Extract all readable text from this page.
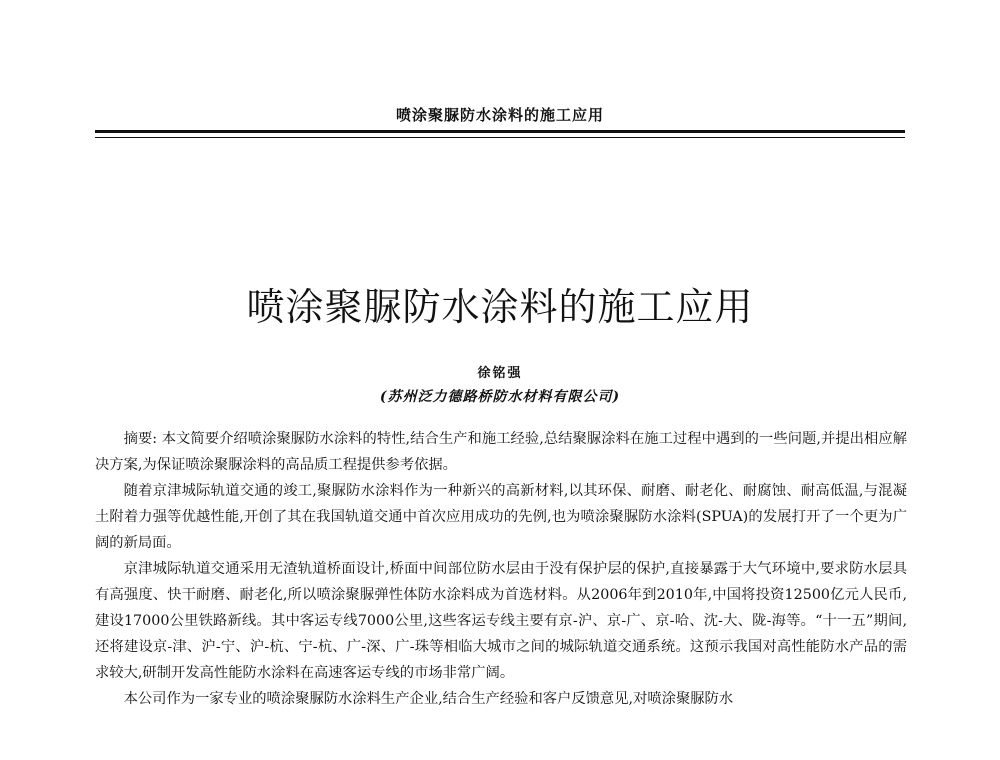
喷涂聚脲防水涂料的施工应用
喷涂聚脲防水涂料的施工应用
徐铭强
(苏州泛力德路桥防水材料有限公司)

摘要: 本文简要介绍喷涂聚脲防水涂料的特性,结合生产和施工经验,总结聚脲涂料在施工过程中遇到的一些问题,并提出相应解决方案,为保证喷涂聚脲涂料的高品质工程提供参考依据。

随着京津城际轨道交通的竣工,聚脲防水涂料作为一种新兴的高新材料,以其环保、耐磨、耐老化、耐腐蚀、耐高低温,与混凝土附着力强等优越性能,开创了其在我国轨道交通中首次应用成功的先例,也为喷涂聚脲防水涂料(SPUA)的发展打开了一个更为广阔的新局面。

京津城际轨道交通采用无渣轨道桥面设计,桥面中间部位防水层由于没有保护层的保护,直接暴露于大气环境中,要求防水层具有高强度、快干耐磨、耐老化,所以喷涂聚脲弹性体防水涂料成为首选材料。从2006年到2010年,中国将投资12500亿元人民币,建设17000公里铁路新线。其中客运专线7000公里,这些客运专线主要有京-沪、京-广、京-哈、沈-大、陇-海等。“十一五”期间,还将建设京-津、沪-宁、沪-杭、宁-杭、广-深、广-珠等相临大城市之间的城际轨道交通系统。这预示我国对高性能防水产品的需求较大,研制开发高性能防水涂料在高速客运专线的市场非常广阔。

本公司作为一家专业的喷涂聚脲防水涂料生产企业,结合生产经验和客户反馈意见,对喷涂聚脲防水
